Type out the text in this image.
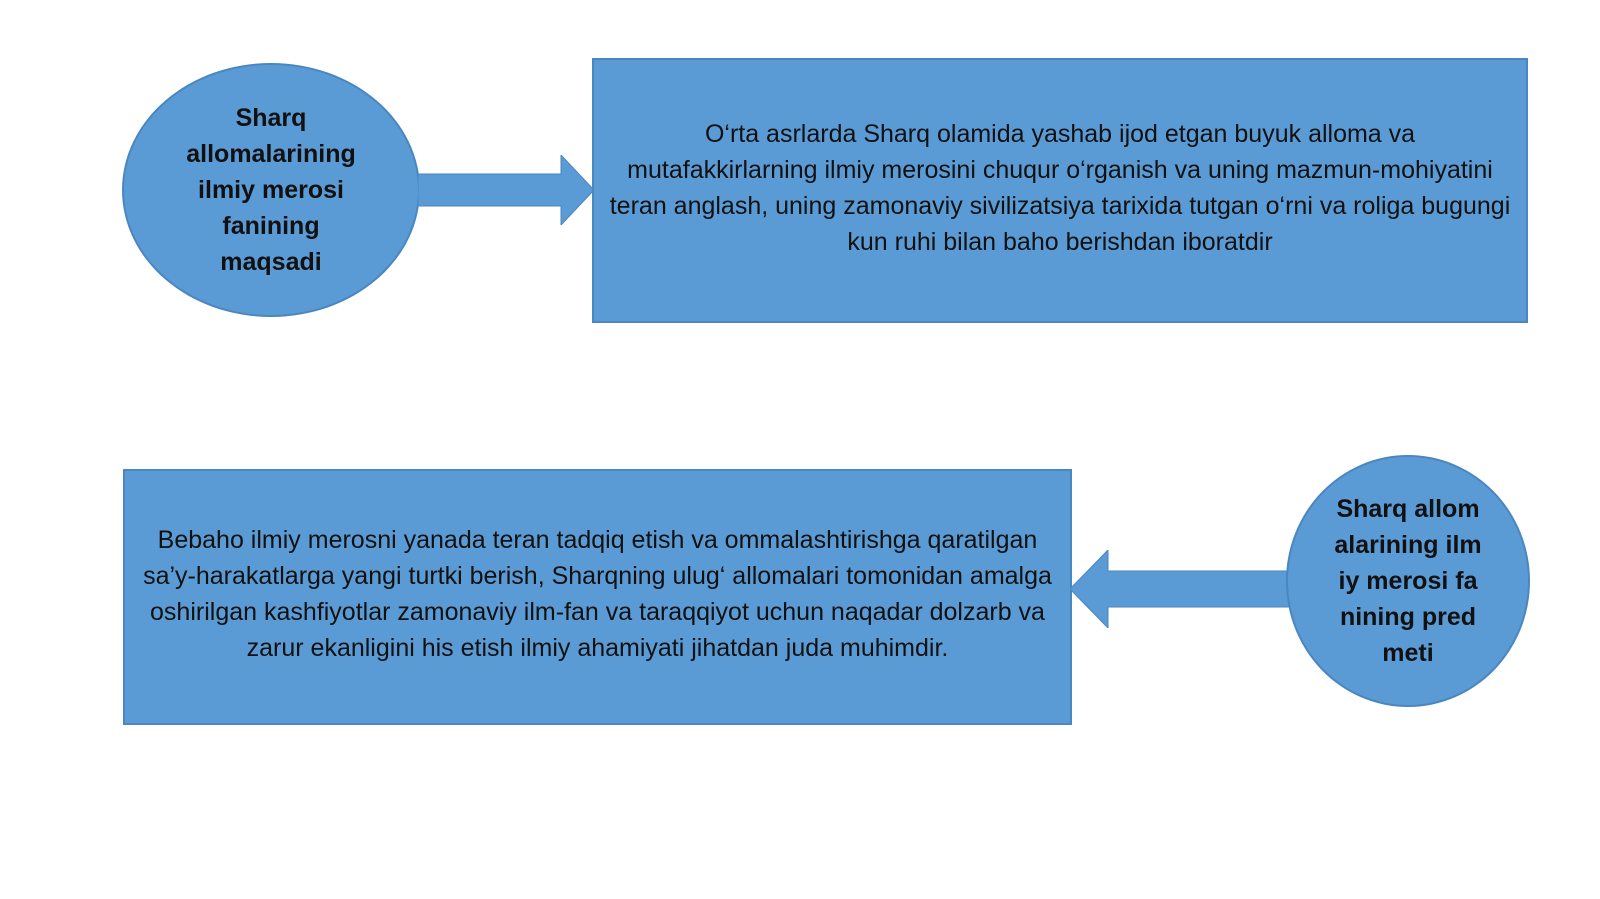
Sharq allomalarining ilmiy merosi fanining maqsadi
O‘rta asrlarda Sharq olamida yashab ijod etgan buyuk alloma va mutafakkirlarning ilmiy merosini chuqur o‘rganish va uning mazmun-mohiyatini teran anglash, uning zamonaviy sivilizatsiya tarixida tutgan o‘rni va roliga bugungi kun ruhi bilan baho berishdan iboratdir
Bebaho ilmiy merosni yanada teran tadqiq etish va ommalashtirishga qaratilgan sa’y-harakatlarga yangi turtki berish, Sharqning ulug‘ allomalari tomonidan amalga oshirilgan kashfiyotlar zamonaviy ilm-fan va taraqqiyot uchun naqadar dolzarb va zarur ekanligini his etish ilmiy ahamiyati jihatdan juda muhimdir.
Sharq allomalarining ilmiy merosi fanining predmeti
